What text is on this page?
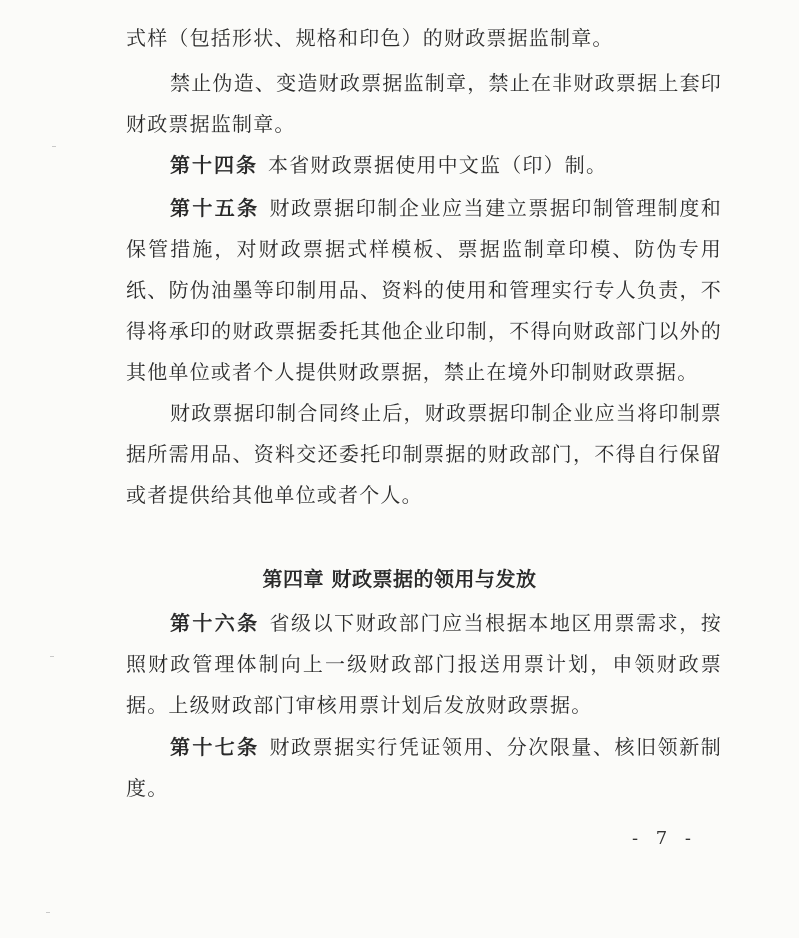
式样（包括形状、规格和印色）的财政票据监制章。

禁止伪造、变造财政票据监制章，禁止在非财政票据上套印财政票据监制章。

第十四条 本省财政票据使用中文监（印）制。

第十五条 财政票据印制企业应当建立票据印制管理制度和保管措施，对财政票据式样模板、票据监制章印模、防伪专用纸、防伪油墨等印制用品、资料的使用和管理实行专人负责，不得将承印的财政票据委托其他企业印制，不得向财政部门以外的其他单位或者个人提供财政票据，禁止在境外印制财政票据。

财政票据印制合同终止后，财政票据印制企业应当将印制票据所需用品、资料交还委托印制票据的财政部门，不得自行保留或者提供给其他单位或者个人。

第四章 财政票据的领用与发放

第十六条 省级以下财政部门应当根据本地区用票需求，按照财政管理体制向上一级财政部门报送用票计划，申领财政票据。上级财政部门审核用票计划后发放财政票据。

第十七条 财政票据实行凭证领用、分次限量、核旧领新制度。

- 7 -
